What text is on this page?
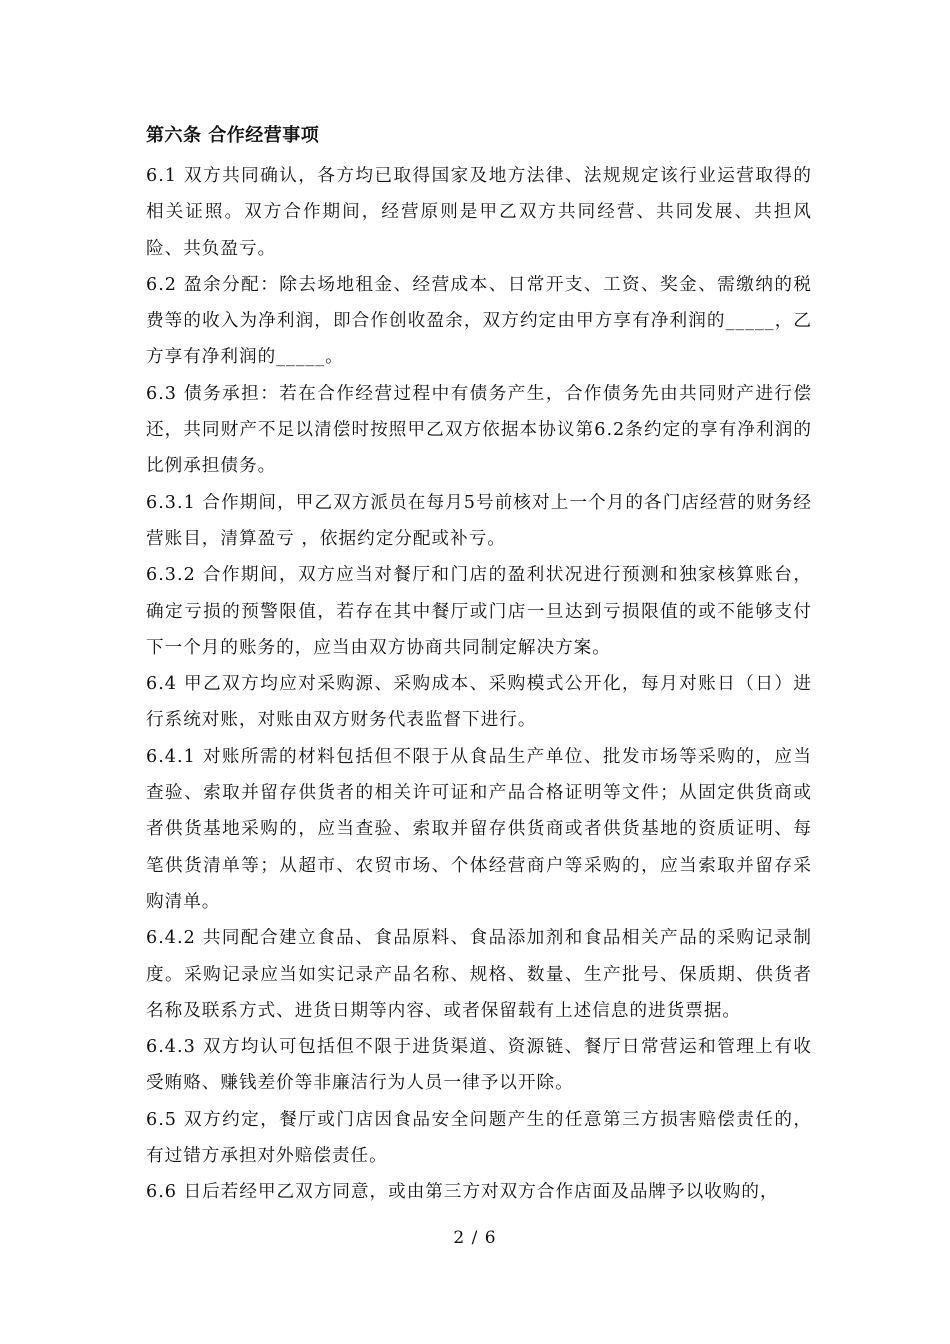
第六条 合作经营事项

6.1 双方共同确认，各方均已取得国家及地方法律、法规规定该行业运营取得的相关证照。双方合作期间，经营原则是甲乙双方共同经营、共同发展、共担风险、共负盈亏。

6.2 盈余分配：除去场地租金、经营成本、日常开支、工资、奖金、需缴纳的税费等的收入为净利润，即合作创收盈余，双方约定由甲方享有净利润的_____，乙方享有净利润的_____。

6.3 债务承担：若在合作经营过程中有债务产生，合作债务先由共同财产进行偿还，共同财产不足以清偿时按照甲乙双方依据本协议第6.2条约定的享有净利润的比例承担债务。

6.3.1 合作期间，甲乙双方派员在每月5号前核对上一个月的各门店经营的财务经营账目，清算盈亏 ，依据约定分配或补亏。

6.3.2 合作期间，双方应当对餐厅和门店的盈利状况进行预测和独家核算账台，确定亏损的预警限值，若存在其中餐厅或门店一旦达到亏损限值的或不能够支付下一个月的账务的，应当由双方协商共同制定解决方案。

6.4 甲乙双方均应对采购源、采购成本、采购模式公开化，每月对账日（日）进行系统对账，对账由双方财务代表监督下进行。

6.4.1 对账所需的材料包括但不限于从食品生产单位、批发市场等采购的，应当查验、索取并留存供货者的相关许可证和产品合格证明等文件；从固定供货商或者供货基地采购的，应当查验、索取并留存供货商或者供货基地的资质证明、每笔供货清单等；从超市、农贸市场、个体经营商户等采购的，应当索取并留存采购清单。

6.4.2 共同配合建立食品、食品原料、食品添加剂和食品相关产品的采购记录制度。采购记录应当如实记录产品名称、规格、数量、生产批号、保质期、供货者名称及联系方式、进货日期等内容、或者保留载有上述信息的进货票据。

6.4.3 双方均认可包括但不限于进货渠道、资源链、餐厅日常营运和管理上有收受贿赂、赚钱差价等非廉洁行为人员一律予以开除。

6.5 双方约定，餐厅或门店因食品安全问题产生的任意第三方损害赔偿责任的，有过错方承担对外赔偿责任。

6.6 日后若经甲乙双方同意，或由第三方对双方合作店面及品牌予以收购的，

2 / 6
